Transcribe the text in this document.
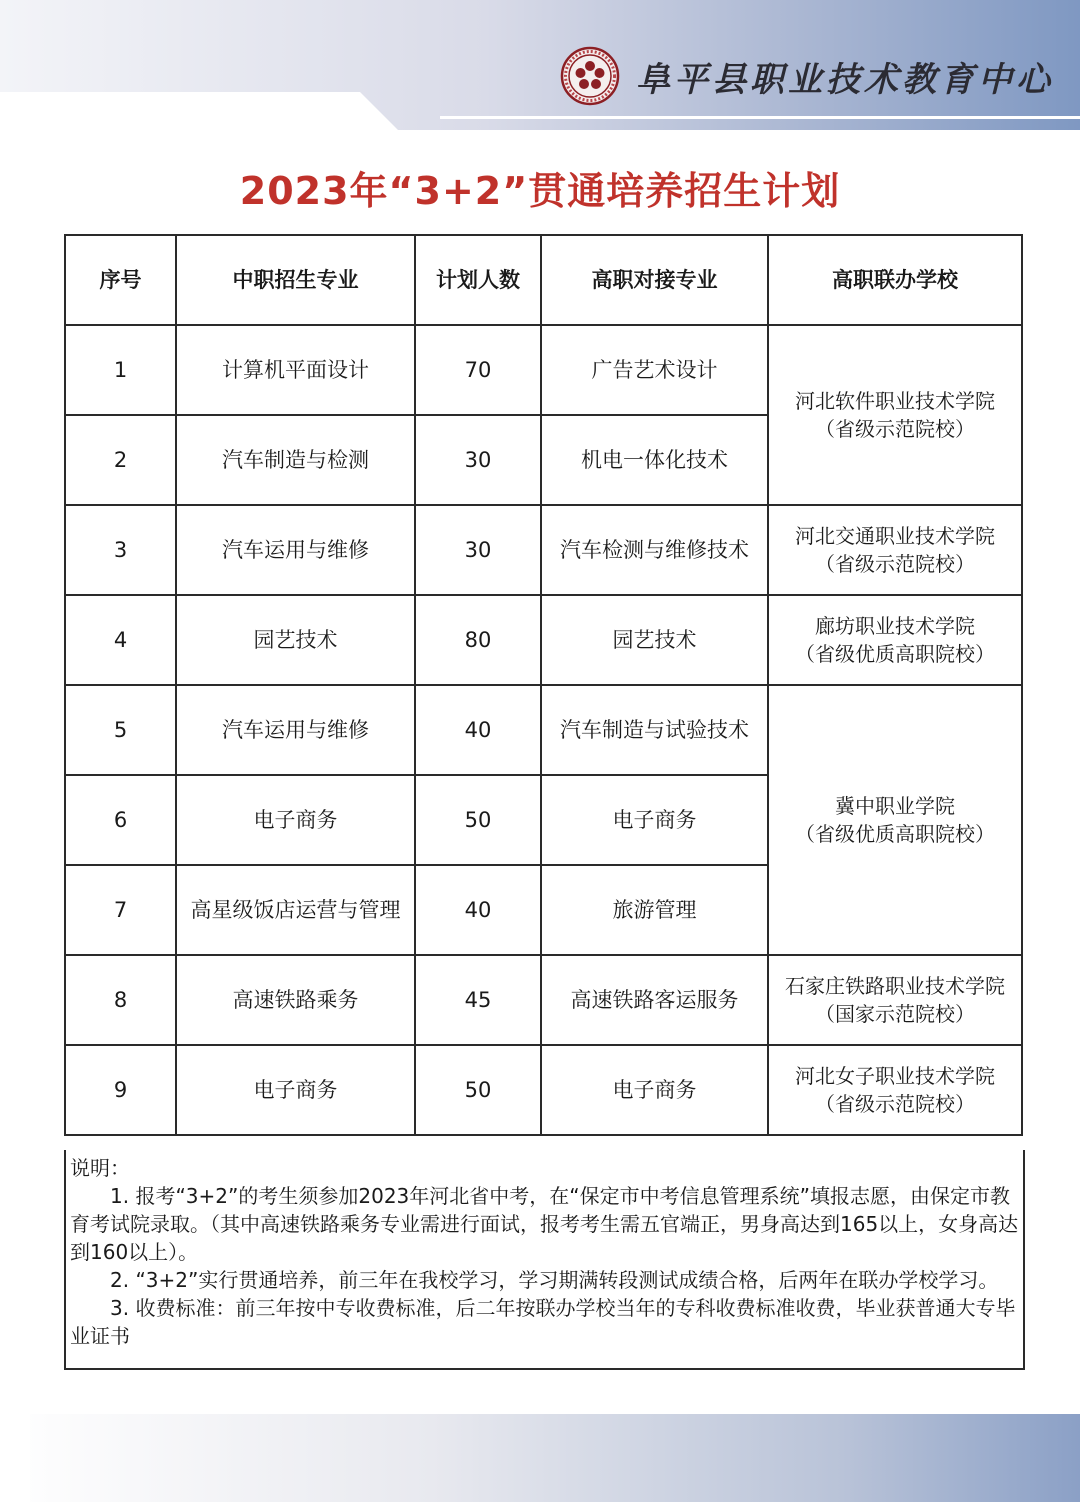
阜平县职业技术教育中心
2023年“3+2”贯通培养招生计划
序号	中职招生专业	计划人数	高职对接专业	高职联办学校
1	计算机平面设计	70	广告艺术设计	河北软件职业技术学院
（省级示范院校）

2	汽车制造与检测	30	机电一体化技术	
3	汽车运用与维修	30	汽车检测与维修技术	河北交通职业技术学院
（省级示范院校）

4	园艺技术	80	园艺技术	廊坊职业技术学院
（省级优质高职院校）

5	汽车运用与维修	40	汽车制造与试验技术	冀中职业学院
（省级优质高职院校）

6	电子商务	50	电子商务	
7	高星级饭店运营与管理	40	旅游管理	
8	高速铁路乘务	45	高速铁路客运服务	石家庄铁路职业技术学院
（国家示范院校）

9	电子商务	50	电子商务	河北女子职业技术学院
（省级示范院校）

说明：

1. 报考“3+2”的考生须参加2023年河北省中考，在“保定市中考信息管理系统”填报志愿，由保定市教育考试院录取。（其中高速铁路乘务专业需进行面试，报考考生需五官端正，男身高达到165以上，女身高达到160以上）。

2. “3+2”实行贯通培养，前三年在我校学习，学习期满转段测试成绩合格，后两年在联办学校学习。

3. 收费标准：前三年按中专收费标准，后二年按联办学校当年的专科收费标准收费，毕业获普通大专毕业证书
